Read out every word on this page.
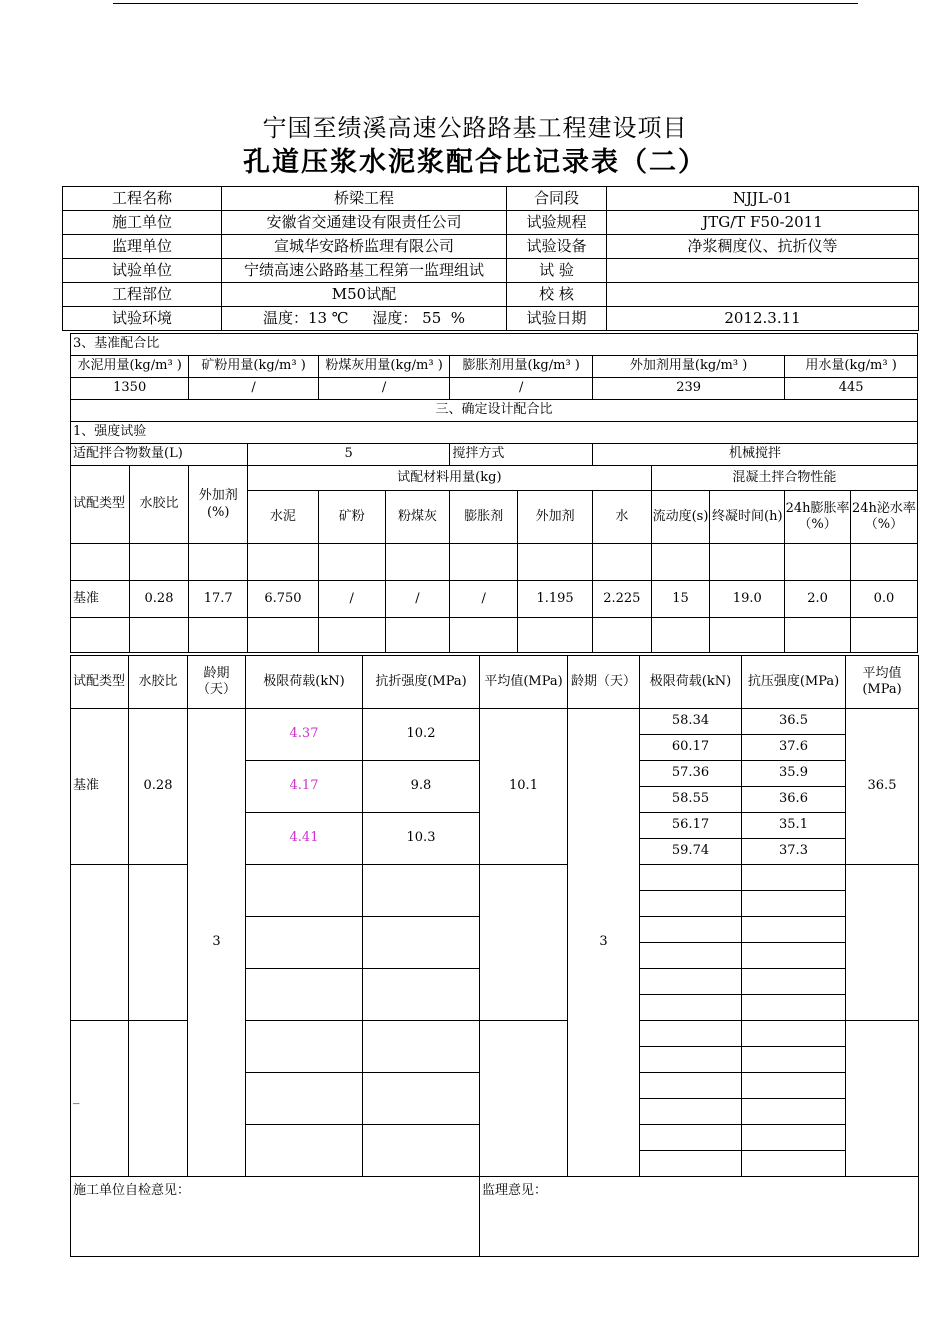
宁国至绩溪高速公路路基工程建设项目
孔道压浆水泥浆配合比记录表（二）
工程名称	桥梁工程	合同段	NJJL-01
施工单位	安徽省交通建设有限责任公司	试验规程	JTG/T F50-2011
监理单位	宣城华安路桥监理有限公司	试验设备	净浆稠度仪、抗折仪等
试验单位	宁绩高速公路路基工程第一监理组试	试 验	
工程部位	M50试配	校 核	
试验环境	温度：13 ℃     湿度： 55  %	试验日期	2012.3.11
3、基准配合比												
水泥用量(kg/m³ )		矿粉用量(kg/m³ )		粉煤灰用量(kg/m³ )		膨胀剂用量(kg/m³ )		外加剂用量(kg/m³ )			用水量(kg/m³ )	
1350		/		/		/		239			445	
三、确定设计配合比												
1、强度试验												
适配拌合物数量(L)			5			搅拌方式		机械搅拌				
试配类型	水胶比	外加剂(%)	试配材料用量(kg)						混凝土拌合物性能			
			水泥	矿粉	粉煤灰	膨胀剂	外加剂	水	流动度(s)	终凝时间(h)	24h膨胀率（%）	24h泌水率（%）

基准	0.28	17.7	6.750	/	/	/	1.195	2.225	15	19.0	2.0	0.0

试配类型	水胶比	龄期（天）	极限荷载(kN)	抗折强度(MPa)	平均值(MPa)	龄期（天）	极限荷载(kN)	抗压强度(MPa)	平均值(MPa)
基准	0.28	3	4.37	10.2	10.1	3	58.34	36.5	36.5
							60.17	37.6	
			4.17	9.8			57.36	35.9	
							58.55	36.6	
			4.41	10.3			56.17	35.1	
							59.74	37.3	

_									

施工单位自检意见：					监理意见：				
